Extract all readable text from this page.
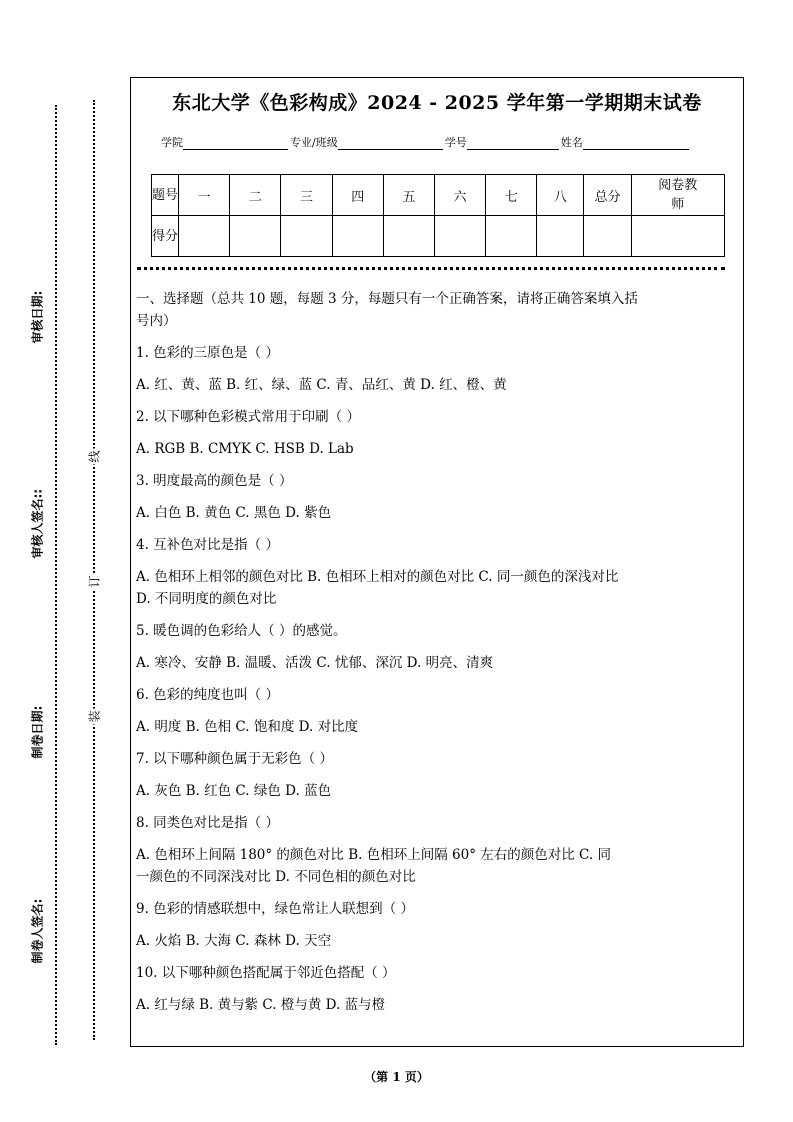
审核日期:
审核人签名::
制卷日期:
制卷人签名:
线
订
装
东北大学《色彩构成》2024 - 2025 学年第一学期期末试卷
学院	专业/班级	学号	姓名
题号	一	二	三	四	五	六	七	八	总分	阅卷教师
得分										
一、选择题（总共 10 题，每题 3 分，每题只有一个正确答案，请将正确答案填入括
号内）
1. 色彩的三原色是（ ）
A. 红、黄、蓝 B. 红、绿、蓝 C. 青、品红、黄 D. 红、橙、黄
2. 以下哪种色彩模式常用于印刷（ ）
A. RGB B. CMYK C. HSB D. Lab
3. 明度最高的颜色是（ ）
A. 白色 B. 黄色 C. 黑色 D. 紫色
4. 互补色对比是指（ ）
A. 色相环上相邻的颜色对比 B. 色相环上相对的颜色对比 C. 同一颜色的深浅对比
D. 不同明度的颜色对比
5. 暖色调的色彩给人（ ）的感觉。
A. 寒冷、安静 B. 温暖、活泼 C. 忧郁、深沉 D. 明亮、清爽
6. 色彩的纯度也叫（ ）
A. 明度 B. 色相 C. 饱和度 D. 对比度
7. 以下哪种颜色属于无彩色（ ）
A. 灰色 B. 红色 C. 绿色 D. 蓝色
8. 同类色对比是指（ ）
A. 色相环上间隔 180° 的颜色对比 B. 色相环上间隔 60° 左右的颜色对比 C. 同
一颜色的不同深浅对比 D. 不同色相的颜色对比
9. 色彩的情感联想中，绿色常让人联想到（ ）
A. 火焰 B. 大海 C. 森林 D. 天空
10. 以下哪种颜色搭配属于邻近色搭配（ ）
A. 红与绿 B. 黄与紫 C. 橙与黄 D. 蓝与橙
（第 1 页）
